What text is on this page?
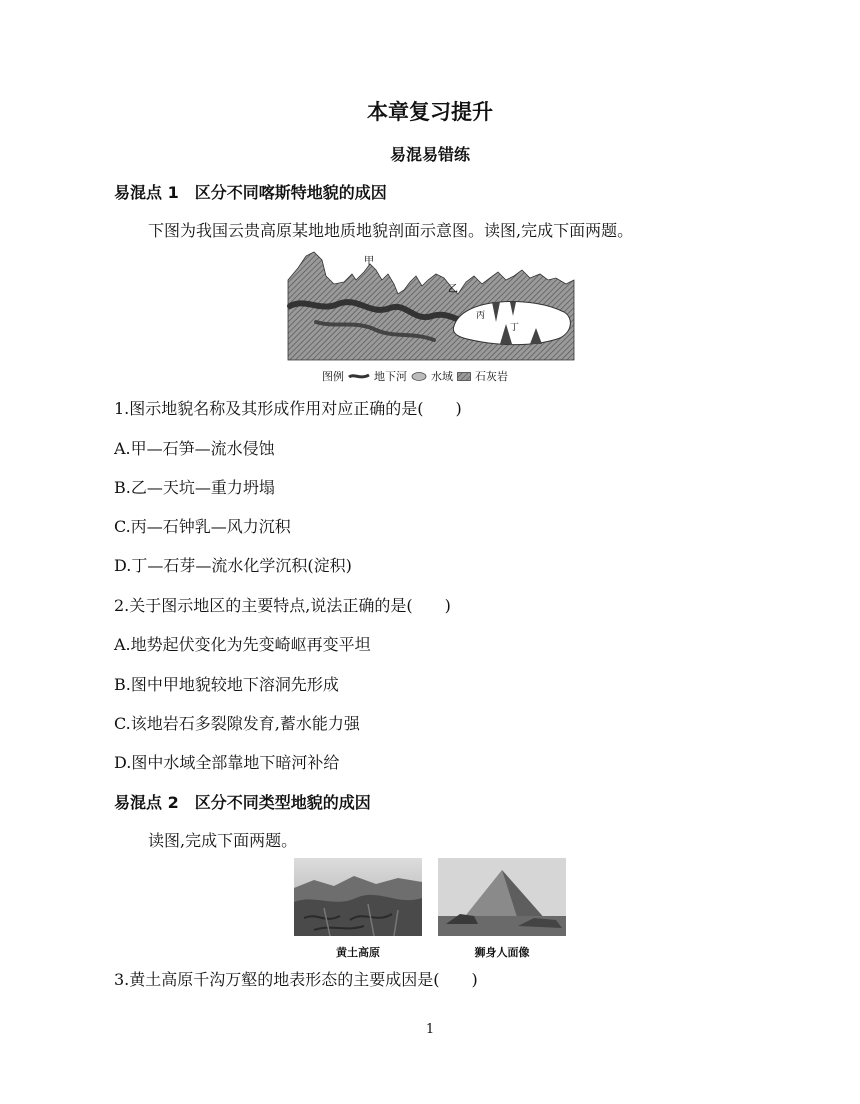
本章复习提升
易混易错练
易混点 1　区分不同喀斯特地貌的成因
下图为我国云贵高原某地地质地貌剖面示意图。读图,完成下面两题。
甲
乙
丙
丁
图例	地下河 水域 石灰岩
1.图示地貌名称及其形成作用对应正确的是(　　)
A.甲—石笋—流水侵蚀
B.乙—天坑—重力坍塌
C.丙—石钟乳—风力沉积
D.丁—石芽—流水化学沉积(淀积)
2.关于图示地区的主要特点,说法正确的是(　　)
A.地势起伏变化为先变崎岖再变平坦
B.图中甲地貌较地下溶洞先形成
C.该地岩石多裂隙发育,蓄水能力强
D.图中水域全部靠地下暗河补给
易混点 2　区分不同类型地貌的成因
读图,完成下面两题。
黄土高原	狮身人面像
3.黄土高原千沟万壑的地表形态的主要成因是(　　)
1
